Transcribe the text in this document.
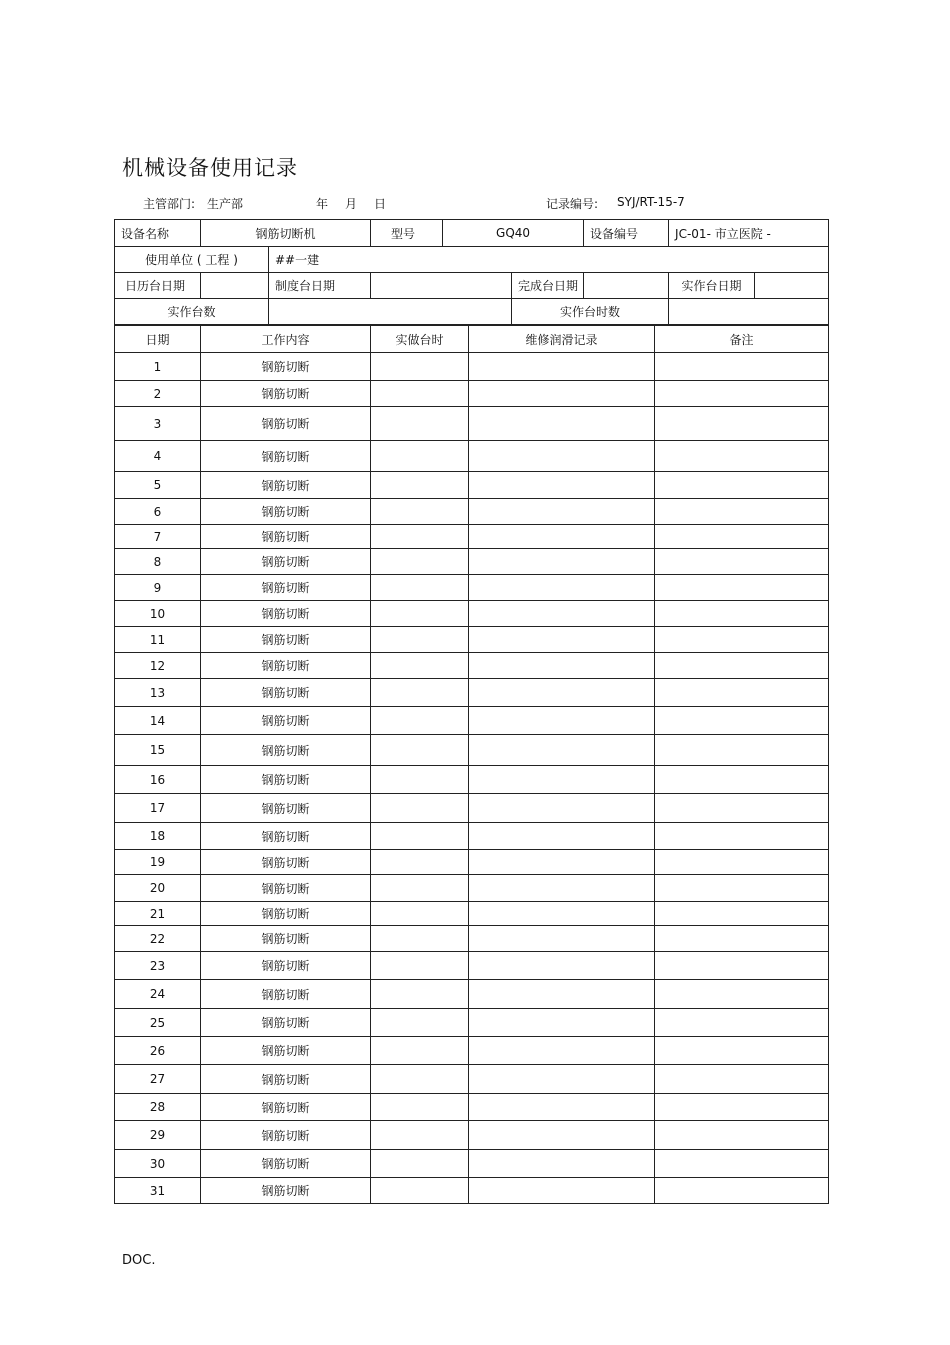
机械设备使用记录
主管部门: 生产部	年 月 日	记录编号: SYJ/RT-15-7
设备名称	钢筋切断机		型号	GQ40		设备编号	JC-01- 市立医院 -	
使用单位 ( 工程 )		##一建						
日历台日期		制度台日期			完成台日期		实作台日期	
实作台数					实作台时数			
日期	工作内容	实做台时	维修润滑记录	备注
1	钢筋切断			
2	钢筋切断			
3	钢筋切断			
4	钢筋切断			
5	钢筋切断			
6	钢筋切断			
7	钢筋切断			
8	钢筋切断			
9	钢筋切断			
10	钢筋切断			
11	钢筋切断			
12	钢筋切断			
13	钢筋切断			
14	钢筋切断			
15	钢筋切断			
16	钢筋切断			
17	钢筋切断			
18	钢筋切断			
19	钢筋切断			
20	钢筋切断			
21	钢筋切断			
22	钢筋切断			
23	钢筋切断			
24	钢筋切断			
25	钢筋切断			
26	钢筋切断			
27	钢筋切断			
28	钢筋切断			
29	钢筋切断			
30	钢筋切断			
31	钢筋切断			
DOC.
